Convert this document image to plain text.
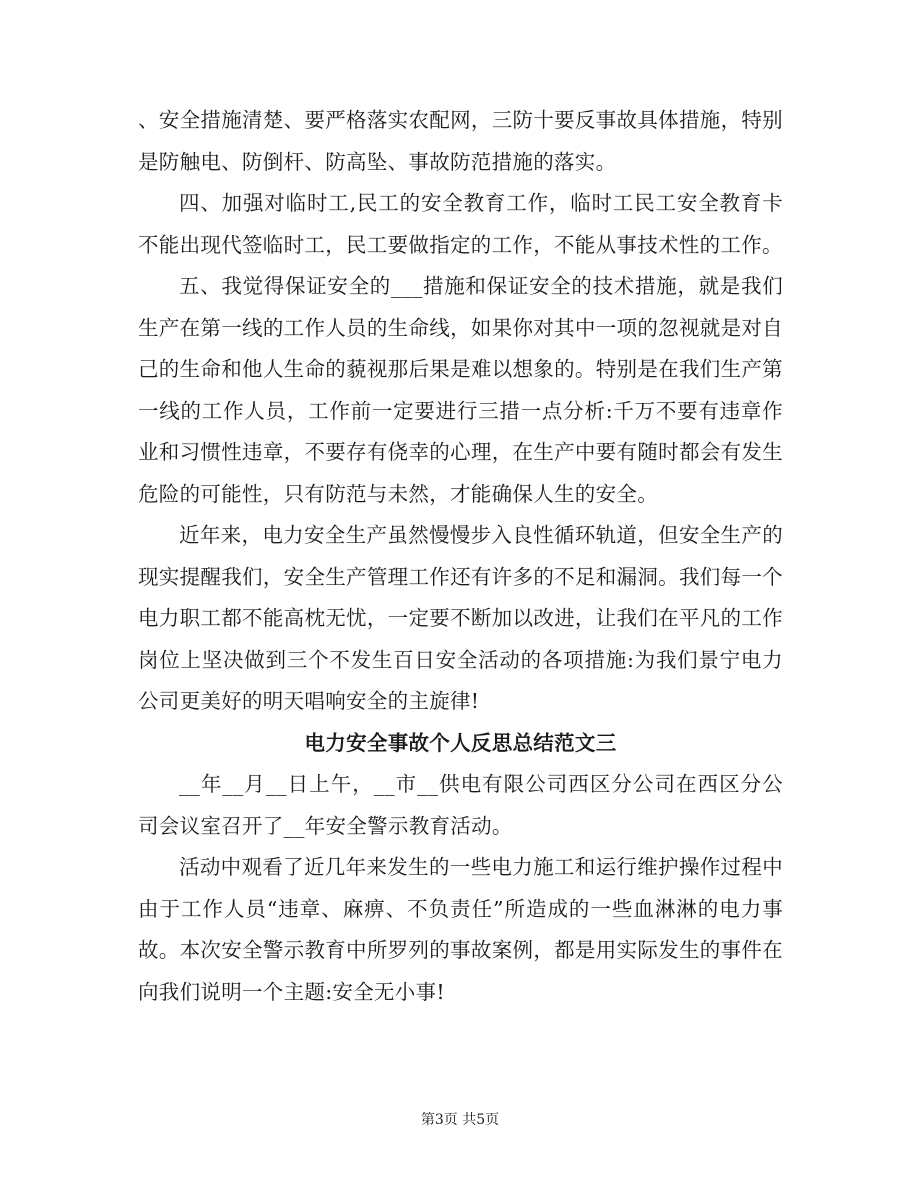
、安全措施清楚、要严格落实农配网，三防十要反事故具体措施，特别是防触电、防倒杆、防高坠、事故防范措施的落实。

四、加强对临时工,民工的安全教育工作，临时工民工安全教育卡不能出现代签临时工，民工要做指定的工作，不能从事技术性的工作。

五、我觉得保证安全的___措施和保证安全的技术措施，就是我们生产在第一线的工作人员的生命线，如果你对其中一项的忽视就是对自己的生命和他人生命的藐视那后果是难以想象的。特别是在我们生产第一线的工作人员，工作前一定要进行三措一点分析:千万不要有违章作业和习惯性违章，不要存有侥幸的心理，在生产中要有随时都会有发生危险的可能性，只有防范与未然，才能确保人生的安全。

近年来，电力安全生产虽然慢慢步入良性循环轨道，但安全生产的现实提醒我们，安全生产管理工作还有许多的不足和漏洞。我们每一个电力职工都不能高枕无忧，一定要不断加以改进，让我们在平凡的工作岗位上坚决做到三个不发生百日安全活动的各项措施:为我们景宁电力公司更美好的明天唱响安全的主旋律!

电力安全事故个人反思总结范文三

__年__月__日上午，__市__供电有限公司西区分公司在西区分公司会议室召开了__年安全警示教育活动。

活动中观看了近几年来发生的一些电力施工和运行维护操作过程中由于工作人员“违章、麻痹、不负责任”所造成的一些血淋淋的电力事故。本次安全警示教育中所罗列的事故案例，都是用实际发生的事件在向我们说明一个主题:安全无小事!

第3页 共5页
